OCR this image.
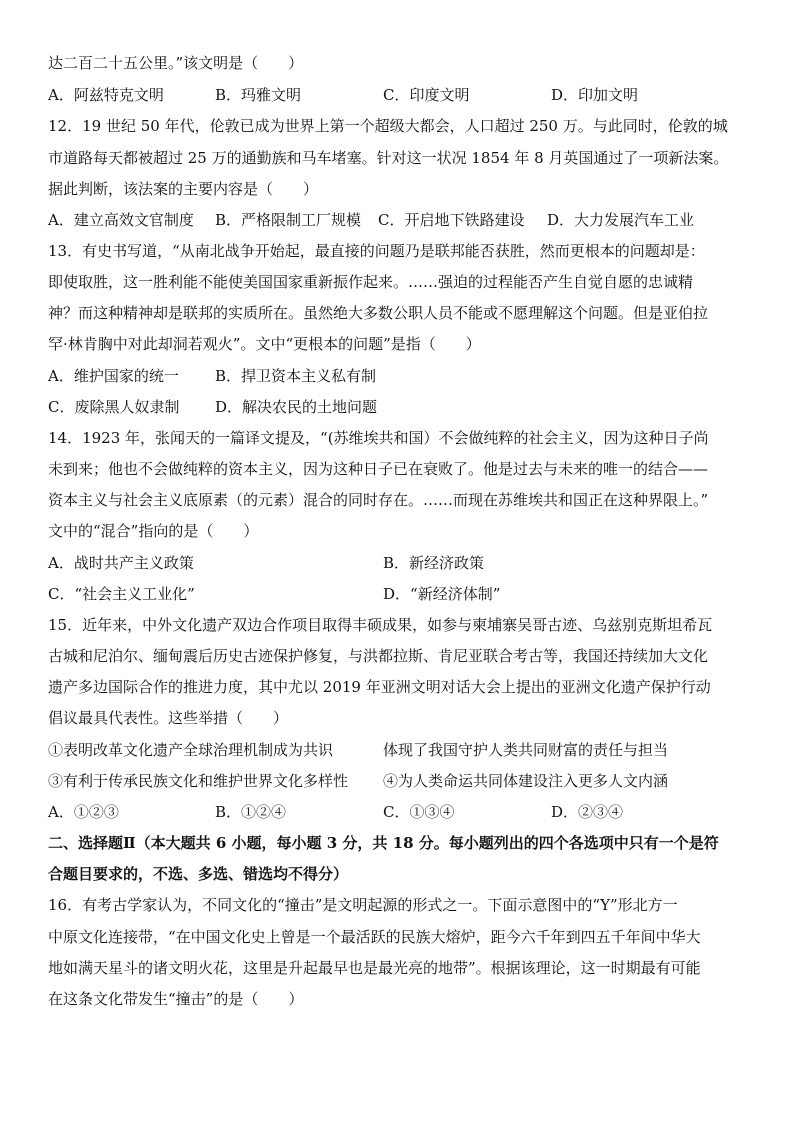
达二百二十五公里。”该文明是（　　）
A．阿兹特克文明	B．玛雅文明	C．印度文明	D．印加文明
12．19 世纪 50 年代，伦敦已成为世界上第一个超级大都会，人口超过 250 万。与此同时，伦敦的城
市道路每天都被超过 25 万的通勤族和马车堵塞。针对这一状况 1854 年 8 月英国通过了一项新法案。
据此判断，该法案的主要内容是（　　）
A．建立高效文官制度 B．严格限制工厂规模 C．开启地下铁路建设 D．大力发展汽车工业
13．有史书写道，“从南北战争开始起，最直接的问题乃是联邦能否获胜，然而更根本的问题却是：
即使取胜，这一胜利能不能使美国国家重新振作起来。……强迫的过程能否产生自觉自愿的忠诚精
神？而这种精神却是联邦的实质所在。虽然绝大多数公职人员不能或不愿理解这个问题。但是亚伯拉
罕·林肯胸中对此却洞若观火”。文中“更根本的问题”是指（　　）
A．维护国家的统一 B．捍卫资本主义私有制
C．废除黑人奴隶制 D．解决农民的土地问题
14．1923 年，张闻天的一篇译文提及，“(苏维埃共和国）不会做纯粹的社会主义，因为这种日子尚
未到来；他也不会做纯粹的资本主义，因为这种日子已在衰败了。他是过去与未来的唯一的结合——
资本主义与社会主义底原素（的元素）混合的同时存在。……而现在苏维埃共和国正在这种界限上。”
文中的“混合”指向的是（　　）
A．战时共产主义政策	B．新经济政策
C．“社会主义工业化”	D．“新经济体制”
15．近年来，中外文化遗产双边合作项目取得丰硕成果，如参与柬埔寨吴哥古迹、乌兹别克斯坦希瓦
古城和尼泊尔、缅甸震后历史古迹保护修复，与洪都拉斯、肯尼亚联合考古等，我国还持续加大文化
遗产多边国际合作的推进力度，其中尤以 2019 年亚洲文明对话大会上提出的亚洲文化遗产保护行动
倡议最具代表性。这些举措（　　）
①表明改革文化遗产全球治理机制成为共识	体现了我国守护人类共同财富的责任与担当
③有利于传承民族文化和维护世界文化多样性 ④为人类命运共同体建设注入更多人文内涵
A．①②③	B．①②④	C．①③④	D．②③④
二、选择题Ⅱ（本大题共 6 小题，每小题 3 分，共 18 分。每小题列出的四个各选项中只有一个是符
合题目要求的，不选、多选、错选均不得分）
16．有考古学家认为，不同文化的“撞击”是文明起源的形式之一。下面示意图中的“Y”形北方一
中原文化连接带，“在中国文化史上曾是一个最活跃的民族大熔炉，距今六千年到四五千年间中华大
地如满天星斗的诸文明火花，这里是升起最早也是最光亮的地带”。根据该理论，这一时期最有可能
在这条文化带发生“撞击”的是（　　）
